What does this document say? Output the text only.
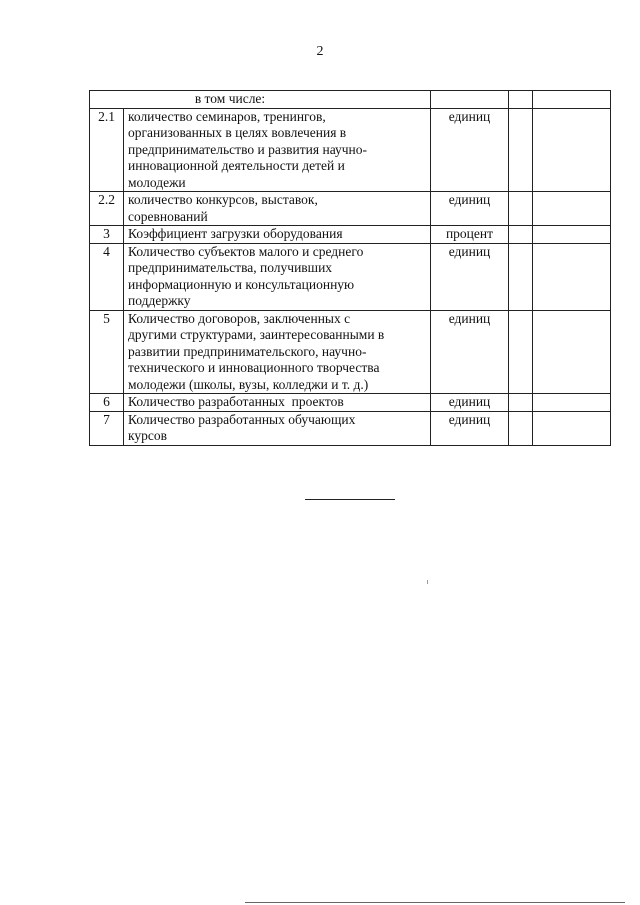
2
в том числе:				
2.1	количество семинаров, тренингов,
организованных в целях вовлечения в
предпринимательство и развития научно-
инновационной деятельности детей и
молодежи	единиц		
2.2	количество конкурсов, выставок,
соревнований	единиц		
3	Коэффициент загрузки оборудования	процент		
4	Количество субъектов малого и среднего
предпринимательства, получивших
информационную и консультационную
поддержку	единиц		
5	Количество договоров, заключенных с
другими структурами, заинтересованными в
развитии предпринимательского, научно-
технического и инновационного творчества
молодежи (школы, вузы, колледжи и т. д.)	единиц		
6	Количество разработанных  проектов	единиц		
7	Количество разработанных обучающих
курсов	единиц		
